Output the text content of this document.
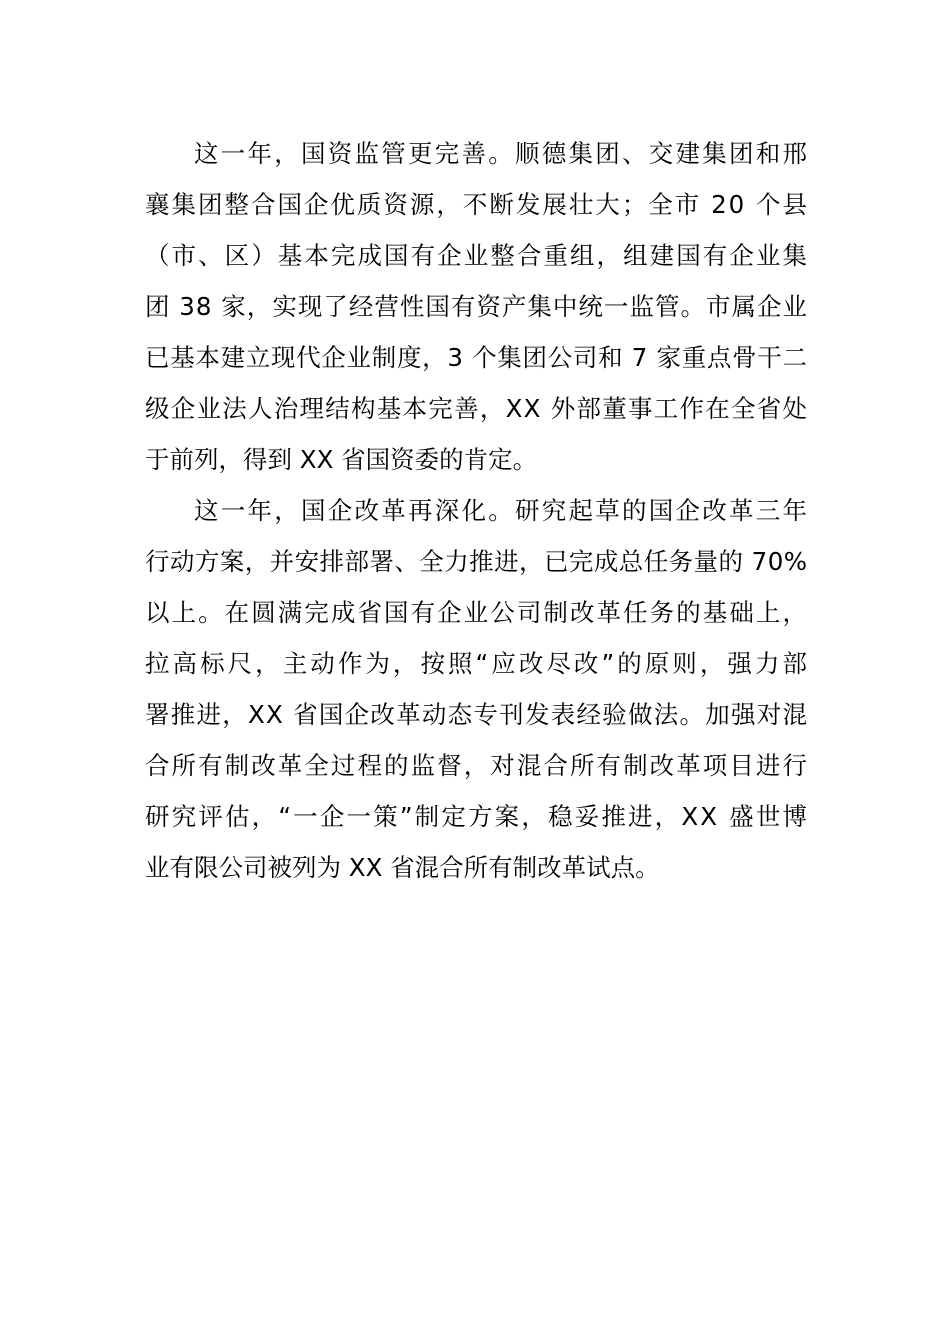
这一年，国资监管更完善。顺德集团、交建集团和邢
襄集团整合国企优质资源，不断发展壮大；全市 20 个县
（市、区）基本完成国有企业整合重组，组建国有企业集
团 38 家，实现了经营性国有资产集中统一监管。市属企业
已基本建立现代企业制度，3 个集团公司和 7 家重点骨干二
级企业法人治理结构基本完善，XX 外部董事工作在全省处
于前列，得到 XX 省国资委的肯定。
这一年，国企改革再深化。研究起草的国企改革三年
行动方案，并安排部署、全力推进，已完成总任务量的 70%
以上。在圆满完成省国有企业公司制改革任务的基础上，
拉高标尺，主动作为，按照“应改尽改”的原则，强力部
署推进，XX 省国企改革动态专刊发表经验做法。加强对混
合所有制改革全过程的监督，对混合所有制改革项目进行
研究评估，“一企一策”制定方案，稳妥推进，XX 盛世博
业有限公司被列为 XX 省混合所有制改革试点。
